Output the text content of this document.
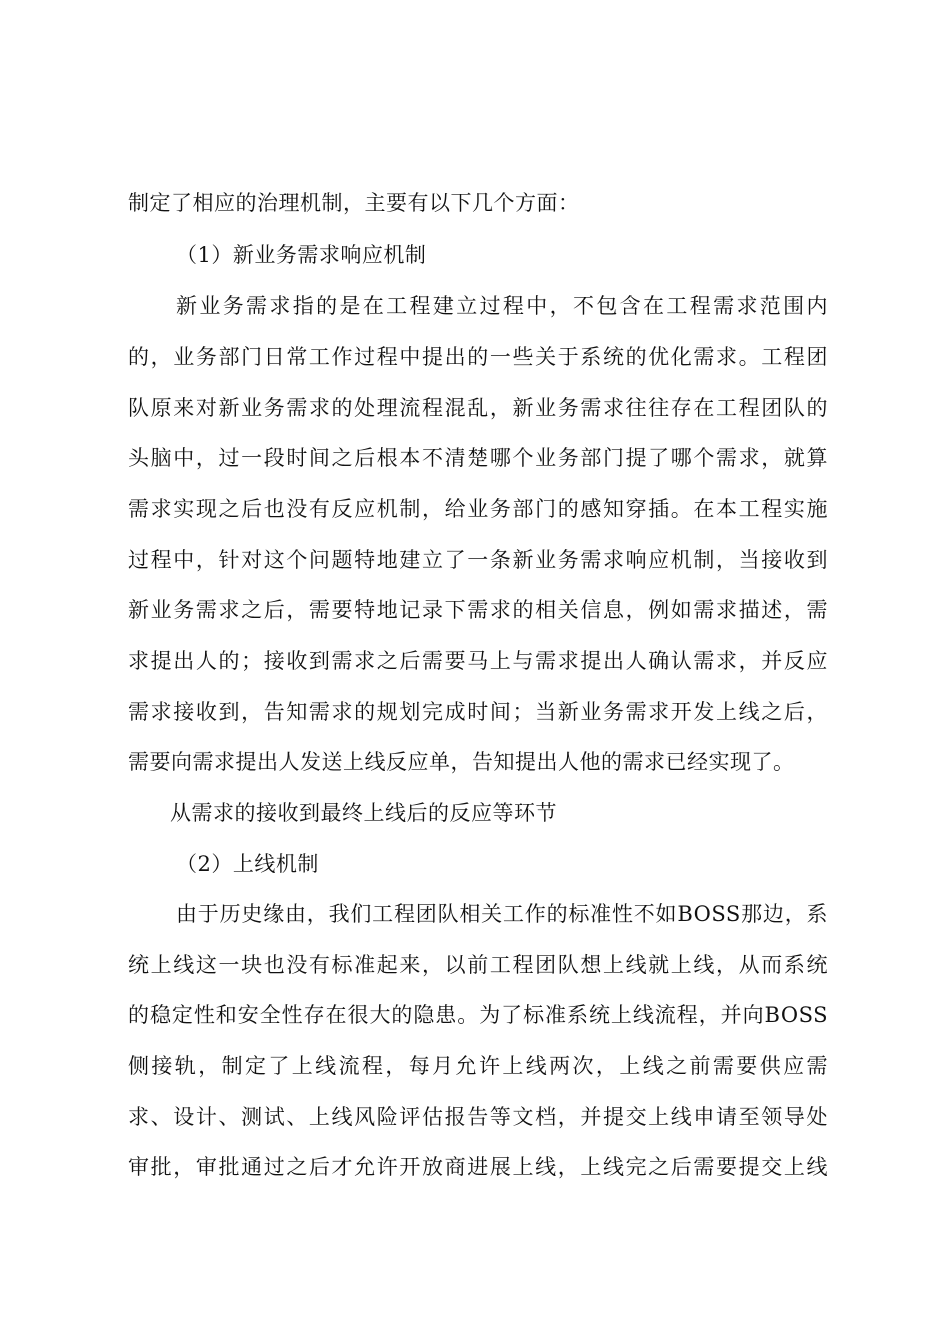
制定了相应的治理机制，主要有以下几个方面：
（1）新业务需求响应机制
新业务需求指的是在工程建立过程中，不包含在工程需求范围内
的，业务部门日常工作过程中提出的一些关于系统的优化需求。工程团
队原来对新业务需求的处理流程混乱，新业务需求往往存在工程团队的
头脑中，过一段时间之后根本不清楚哪个业务部门提了哪个需求，就算
需求实现之后也没有反应机制，给业务部门的感知穿插。在本工程实施
过程中，针对这个问题特地建立了一条新业务需求响应机制，当接收到
新业务需求之后，需要特地记录下需求的相关信息，例如需求描述，需
求提出人的；接收到需求之后需要马上与需求提出人确认需求，并反应
需求接收到，告知需求的规划完成时间；当新业务需求开发上线之后，
需要向需求提出人发送上线反应单，告知提出人他的需求已经实现了。
从需求的接收到最终上线后的反应等环节
（2）上线机制
由于历史缘由，我们工程团队相关工作的标准性不如BOSS那边，系
统上线这一块也没有标准起来，以前工程团队想上线就上线，从而系统
的稳定性和安全性存在很大的隐患。为了标准系统上线流程，并向BOSS
侧接轨，制定了上线流程，每月允许上线两次，上线之前需要供应需
求、设计、测试、上线风险评估报告等文档，并提交上线申请至领导处
审批，审批通过之后才允许开放商进展上线，上线完之后需要提交上线
